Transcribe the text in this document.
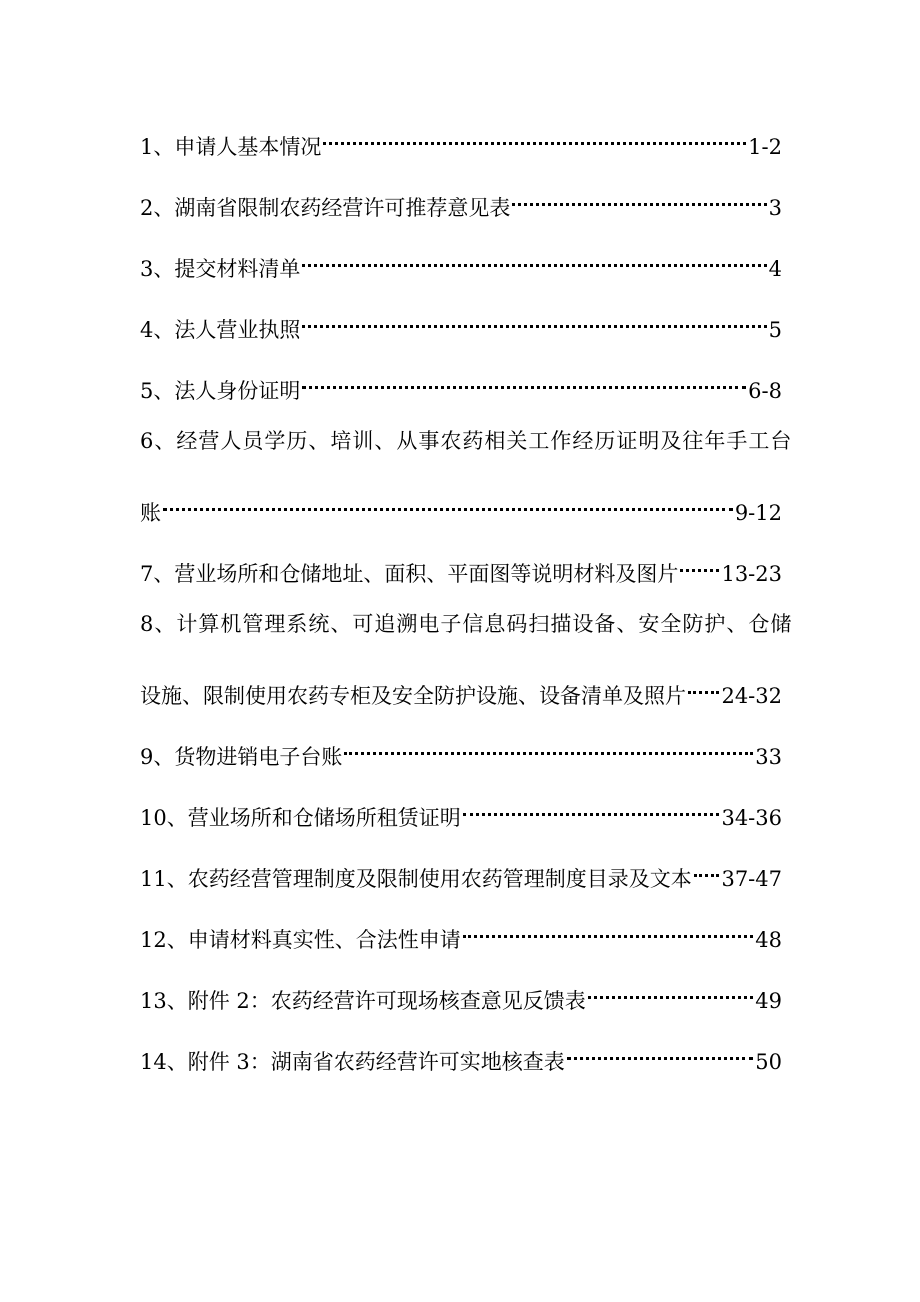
1、申请人基本情况	1-2
2、湖南省限制农药经营许可推荐意见表	3
3、提交材料清单	4
4、法人营业执照	5
5、法人身份证明	6-8
6、经营人员学历、培训、从事农药相关工作经历证明及往年手工台
账	9-12
7、营业场所和仓储地址、面积、平面图等说明材料及图片 13-23
8、计算机管理系统、可追溯电子信息码扫描设备、安全防护、仓储
设施、限制使用农药专柜及安全防护设施、设备清单及照片 24-32
9、货物进销电子台账	33
10、营业场所和仓储场所租赁证明	34-36
11、农药经营管理制度及限制使用农药管理制度目录及文本 37-47
12、申请材料真实性、合法性申请	48
13、附件 2：农药经营许可现场核查意见反馈表	49
14、附件 3：湖南省农药经营许可实地核查表	50
